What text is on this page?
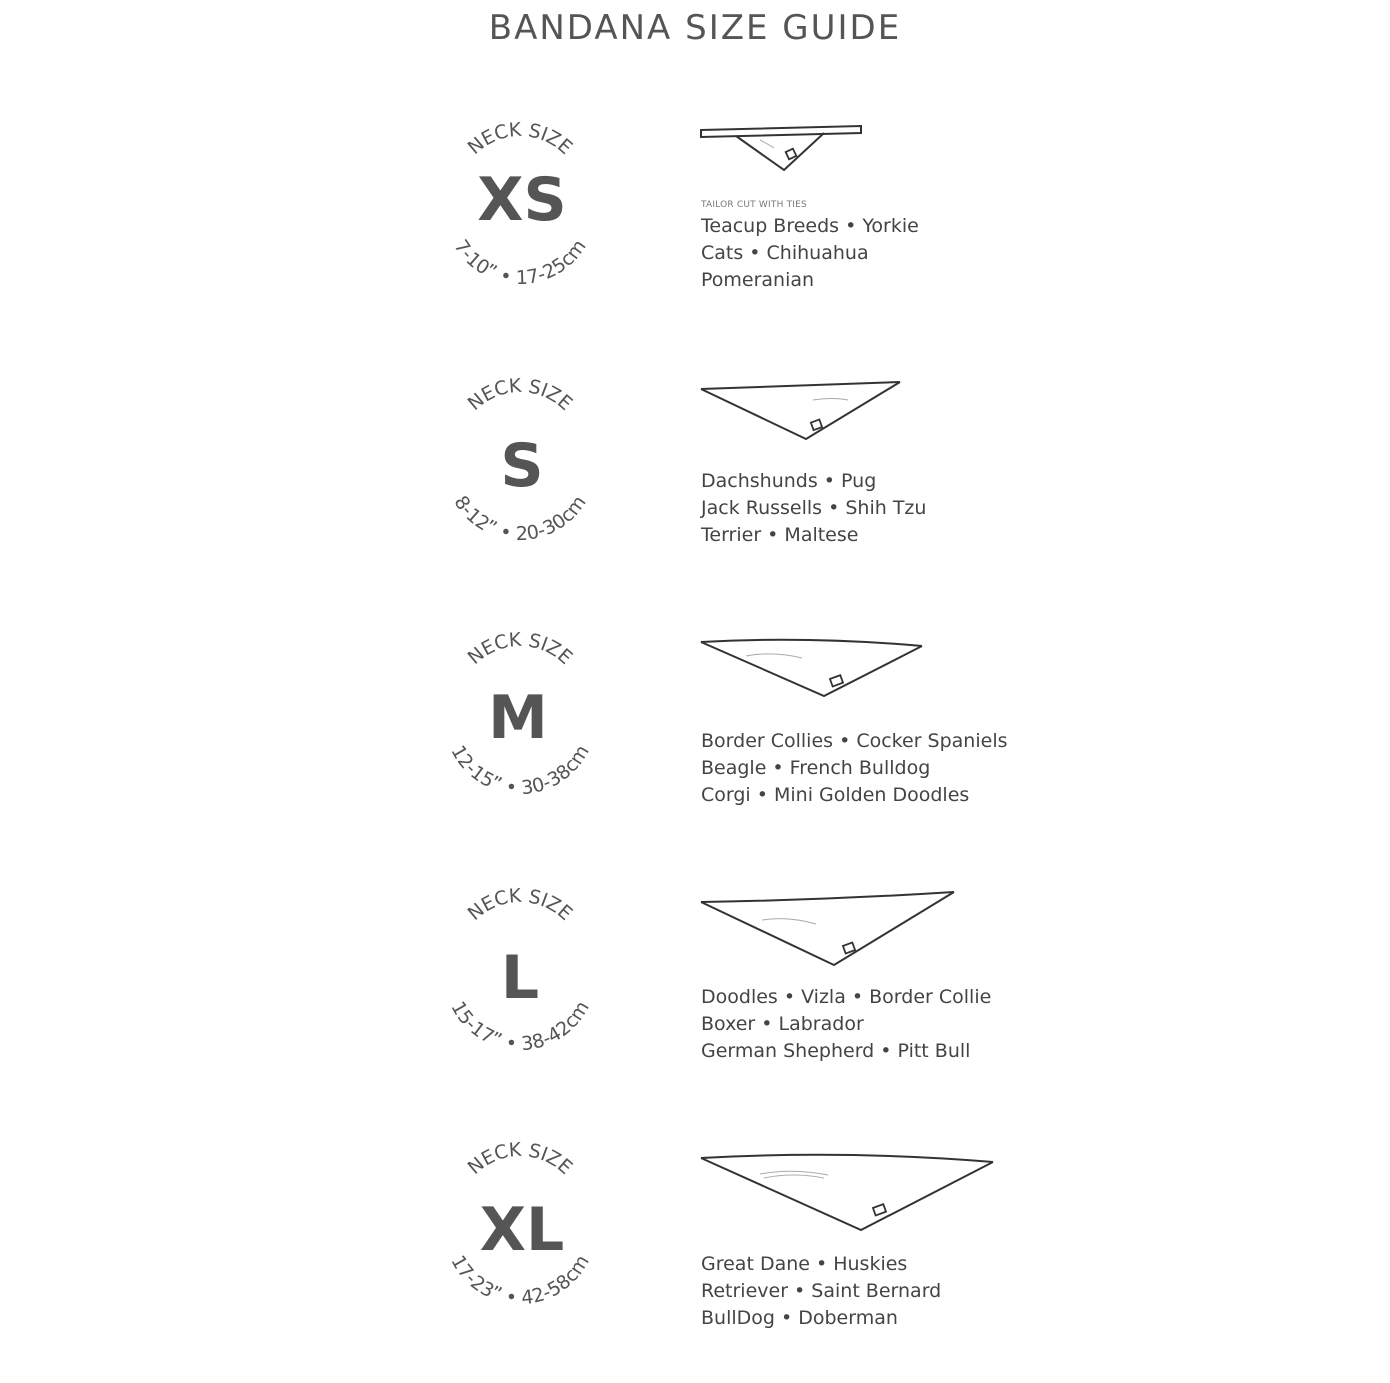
BANDANA SIZE GUIDE
NECK SIZE
7-10” • 17-25cm
XS	TAILOR CUT WITH TIES
Teacup Breeds • Yorkie
Cats • Chihuahua
Pomeranian
NECK SIZE
8-12” • 20-30cm
S	Dachshunds • Pug
Jack Russells • Shih Tzu
Terrier • Maltese
NECK SIZE
12-15” • 30-38cm
M	Border Collies • Cocker Spaniels
Beagle • French Bulldog
Corgi • Mini Golden Doodles
NECK SIZE
15-17” • 38-42cm
L	Doodles • Vizla • Border Collie
Boxer • Labrador
German Shepherd • Pitt Bull
NECK SIZE
17-23” • 42-58cm
XL	Great Dane • Huskies
Retriever • Saint Bernard
BullDog • Doberman
